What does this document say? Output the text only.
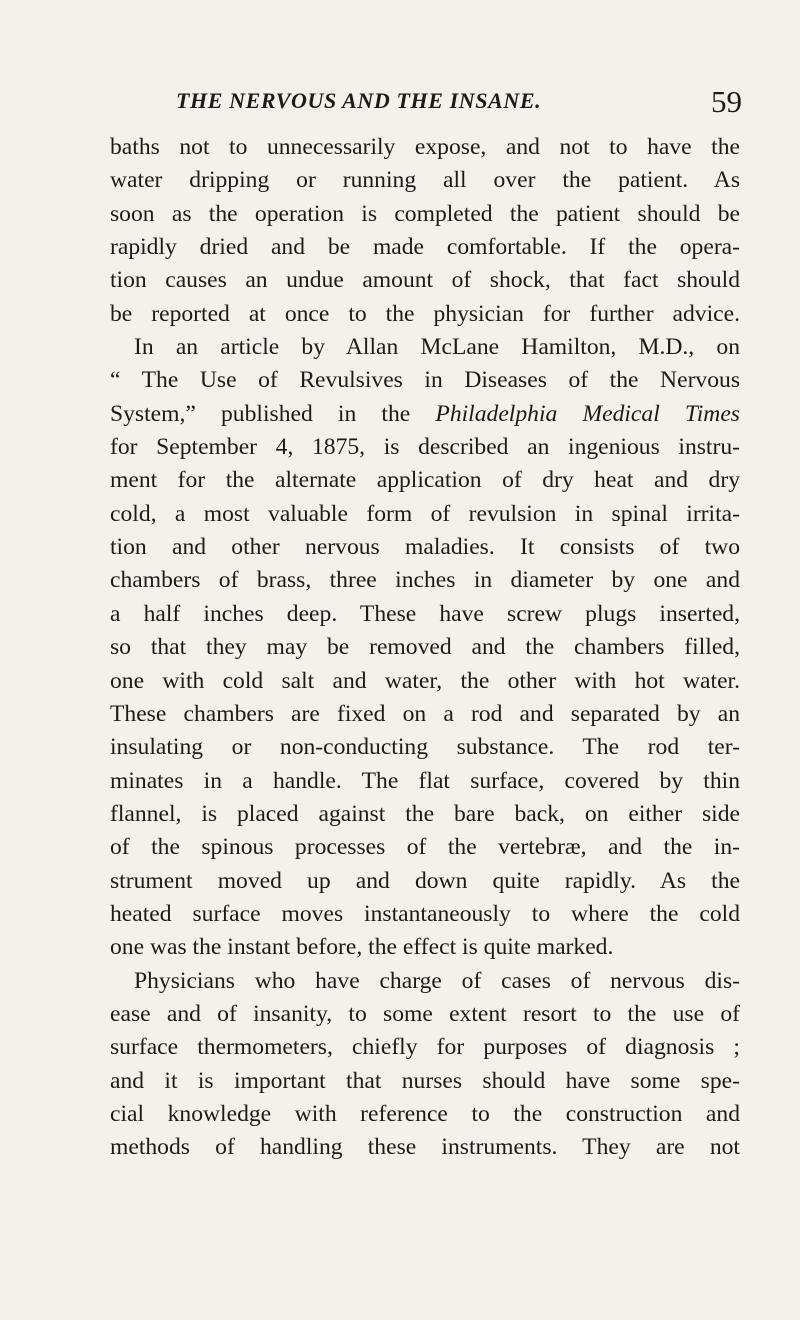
THE NERVOUS AND THE INSANE.	59
baths not to unnecessarily expose, and not to have the
water dripping or running all over the patient. As
soon as the operation is completed the patient should be
rapidly dried and be made comfortable. If the opera-
tion causes an undue amount of shock, that fact should
be reported at once to the physician for further advice.
In an article by Allan McLane Hamilton, M.D., on
“ The Use of Revulsives in Diseases of the Nervous
System,” published in the Philadelphia Medical Times
for September 4, 1875, is described an ingenious instru-
ment for the alternate application of dry heat and dry
cold, a most valuable form of revulsion in spinal irrita-
tion and other nervous maladies. It consists of two
chambers of brass, three inches in diameter by one and
a half inches deep. These have screw plugs inserted,
so that they may be removed and the chambers filled,
one with cold salt and water, the other with hot water.
These chambers are fixed on a rod and separated by an
insulating or non-conducting substance. The rod ter-
minates in a handle. The flat surface, covered by thin
flannel, is placed against the bare back, on either side
of the spinous processes of the vertebræ, and the in-
strument moved up and down quite rapidly. As the
heated surface moves instantaneously to where the cold
one was the instant before, the effect is quite marked.
Physicians who have charge of cases of nervous dis-
ease and of insanity, to some extent resort to the use of
surface thermometers, chiefly for purposes of diagnosis ;
and it is important that nurses should have some spe-
cial knowledge with reference to the construction and
methods of handling these instruments. They are not
